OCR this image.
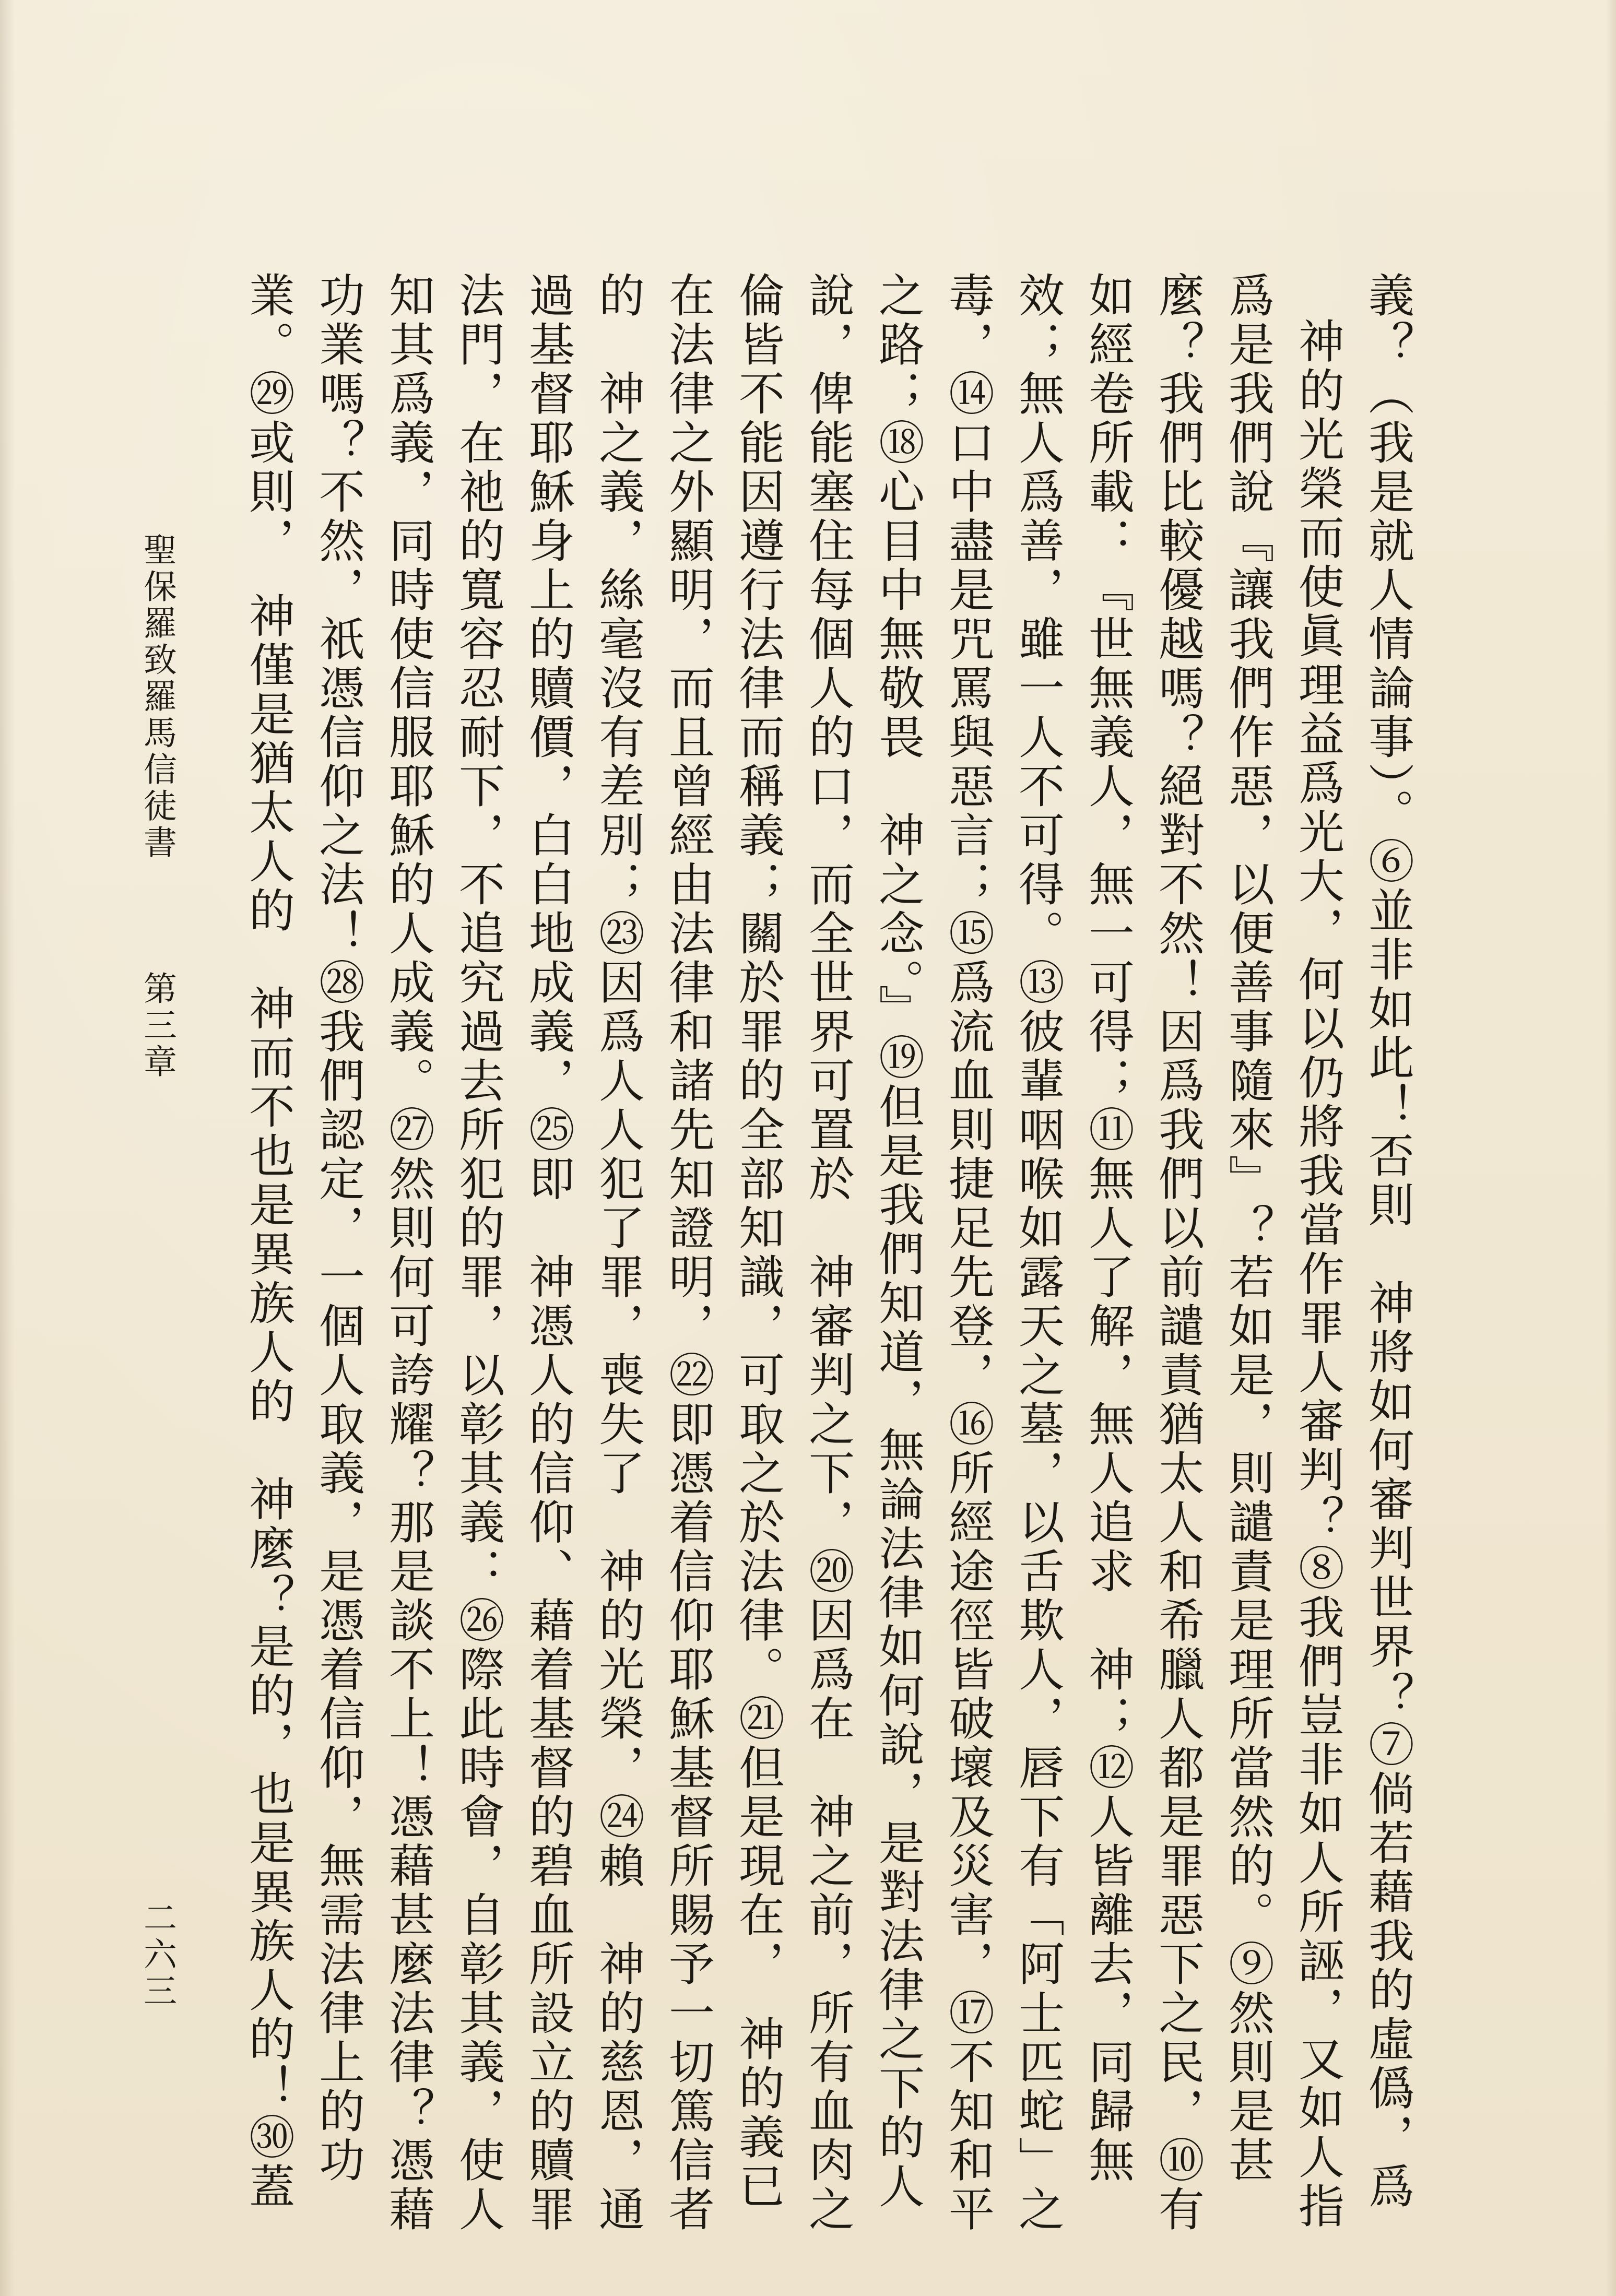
義？（我是就人情論事）。⑥並非如此！否則　神將如何審判世界？⑦倘若藉我的虛僞，爲
神的光榮而使眞理益爲光大，何以仍將我當作罪人審判？⑧我們豈非如人所誣，又如人指
爲是我們說『讓我們作惡，以便善事隨來』？若如是，則譴責是理所當然的。⑨然則是甚
麼？我們比較優越嗎？絕對不然！因爲我們以前譴責猶太人和希臘人都是罪惡下之民，⑩有
如經卷所載：『世無義人，無一可得；⑪無人了解，無人追求　神；⑫人皆離去，同歸無
效；無人爲善，雖一人不可得。⑬彼輩咽喉如露天之墓，以舌欺人，唇下有「阿士匹蛇」之
毒，⑭口中盡是咒罵與惡言；⑮爲流血則捷足先登，⑯所經途徑皆破壞及災害，⑰不知和平
之路；⑱心目中無敬畏　神之念。』⑲但是我們知道，無論法律如何說，是對法律之下的人
說，俾能塞住每個人的口，而全世界可置於　神審判之下，⑳因爲在　神之前，所有血肉之
倫皆不能因遵行法律而稱義；關於罪的全部知識，可取之於法律。㉑但是現在，　神的義已
在法律之外顯明，而且曾經由法律和諸先知證明，㉒即憑着信仰耶穌基督所賜予一切篤信者
的　神之義，絲毫沒有差別；㉓因爲人人犯了罪，喪失了　神的光榮，㉔賴　神的慈恩，通
過基督耶穌身上的贖價，白白地成義，㉕即　神憑人的信仰、藉着基督的碧血所設立的贖罪
法門，在祂的寬容忍耐下，不追究過去所犯的罪，以彰其義：㉖際此時會，自彰其義，使人
知其爲義，同時使信服耶穌的人成義。㉗然則何可誇耀？那是談不上！憑藉甚麼法律？憑藉
功業嗎？不然，祇憑信仰之法！㉘我們認定，一個人取義，是憑着信仰，無需法律上的功
業。㉙或則，　神僅是猶太人的　神而不也是異族人的　神麼？是的，也是異族人的！㉚蓋
聖保羅致羅馬信徒書 第三章
二六三
